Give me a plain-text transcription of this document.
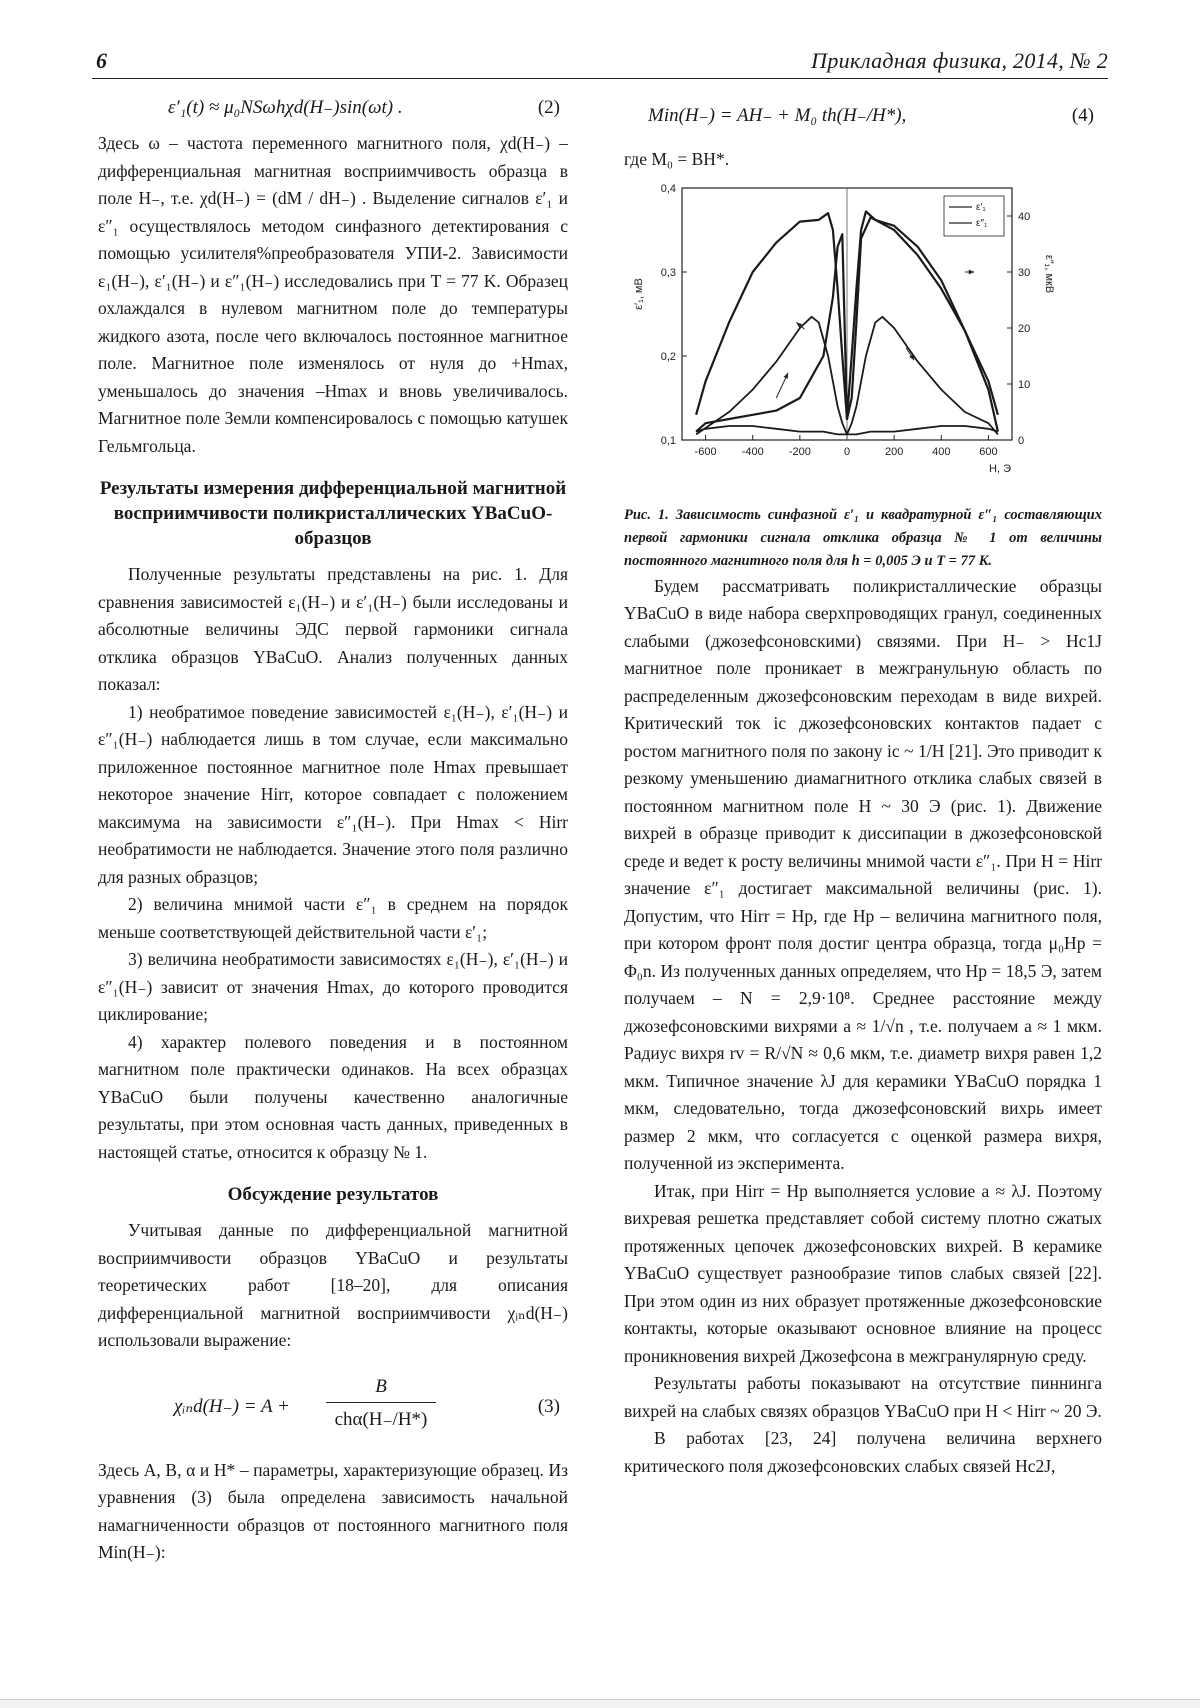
6	Прикладная физика, 2014, № 2
ε′₁(t) ≈ μ₀NSωhχd(H₋)sin(ωt) .	(2)

Здесь ω – частота переменного магнитного поля, χd(H₋) – дифференциальная магнитная восприимчивость образца в поле H₋, т.е. χd(H₋) = (dM / dH₋) . Выделение сигналов ε′₁ и ε″₁ осуществлялось методом синфазного детектирования с помощью усилителя%преобразователя УПИ-2. Зависимости ε₁(H₋), ε′₁(H₋) и ε″₁(H₋) исследовались при T = 77 K. Образец охлаждался в нулевом магнитном поле до температуры жидкого азота, после чего включалось постоянное магнитное поле. Магнитное поле изменялось от нуля до +Hmax, уменьшалось до значения –Hmax и вновь увеличивалось. Магнитное поле Земли компенсировалось с помощью катушек Гельмгольца.

Результаты измерения дифференциальной магнитной восприимчивости поликристаллических YBaCuO-образцов

Полученные результаты представлены на рис. 1. Для сравнения зависимостей ε₁(H₋) и ε′₁(H₋) были исследованы и абсолютные величины ЭДС первой гармоники сигнала отклика образцов YBaCuO. Анализ полученных данных показал:

1) необратимое поведение зависимостей ε₁(H₋), ε′₁(H₋) и ε″₁(H₋) наблюдается лишь в том случае, если максимально приложенное постоянное магнитное поле Hmax превышает некоторое значение Hirr, которое совпадает с положением максимума на зависимости ε″₁(H₋). При Hmax < Hirr необратимости не наблюдается. Значение этого поля различно для разных образцов;

2) величина мнимой части ε″₁ в среднем на порядок меньше соответствующей действительной части ε′₁;

3) величина необратимости зависимостях ε₁(H₋), ε′₁(H₋) и ε″₁(H₋) зависит от значения Hmax, до которого проводится циклирование;

4) характер полевого поведения и в постоянном магнитном поле практически одинаков. На всех образцах YBaCuO были получены качественно аналогичные результаты, при этом основная часть данных, приведенных в настоящей статье, относится к образцу № 1.

Обсуждение результатов

Учитывая данные по дифференциальной магнитной восприимчивости образцов YBaCuO и результаты теоретических работ [18–20], для описания дифференциальной магнитной восприимчивости χᵢₙd(H₋) использовали выражение:

χᵢₙd(H₋) = A +
B
chα(H₋/H*)
(3)

Здесь A, B, α и H* – параметры, характеризующие образец. Из уравнения (3) была определена зависимость начальной намагниченности образцов от постоянного магнитного поля Min(H₋):

Min(H₋) = AH₋ + M₀ th(H₋/H*),	(4)

где M₀ = BH*.

-600 -400 -200	0	200	400	600
0,1
0,2
0,3
0,4
0
10
20
30
40
H, Э
ε′₁, мВ
ε″₁, мкВ
ε′₁
ε″₁

Рис. 1. Зависимость синфазной ε′₁ и квадратурной ε″₁ составляющих первой гармоники сигнала отклика образца № 1 от величины постоянного магнитного поля для h = 0,005 Э и T = 77 K.

Будем рассматривать поликристаллические образцы YBaCuO в виде набора сверхпроводящих гранул, соединенных слабыми (джозефсоновскими) связями. При H₋ > Hc1J магнитное поле проникает в межгранульную область по распределенным джозефсоновским переходам в виде вихрей. Критический ток ic джозефсоновских контактов падает с ростом магнитного поля по закону ic ~ 1/H [21]. Это приводит к резкому уменьшению диамагнитного отклика слабых связей в постоянном магнитном поле H ~ 30 Э (рис. 1). Движение вихрей в образце приводит к диссипации в джозефсоновской среде и ведет к росту величины мнимой части ε″₁. При H = Hirr значение ε″₁ достигает максимальной величины (рис. 1). Допустим, что Hirr = Hp, где Hp – величина магнитного поля, при котором фронт поля достиг центра образца, тогда μ₀Hp = Φ₀n. Из полученных данных определяем, что Hp = 18,5 Э, затем получаем – N = 2,9·10⁸. Среднее расстояние между джозефсоновскими вихрями a ≈ 1/√n , т.е. получаем a ≈ 1 мкм. Радиус вихря rv = R/√N ≈ 0,6 мкм, т.е. диаметр вихря равен 1,2 мкм. Типичное значение λJ для керамики YBaCuO порядка 1 мкм, следовательно, тогда джозефсоновский вихрь имеет размер 2 мкм, что согласуется с оценкой размера вихря, полученной из эксперимента.

Итак, при Hirr = Hp выполняется условие a ≈ λJ. Поэтому вихревая решетка представляет собой систему плотно сжатых протяженных цепочек джозефсоновских вихрей. В керамике YBaCuO существует разнообразие типов слабых связей [22]. При этом один из них образует протяженные джозефсоновские контакты, которые оказывают основное влияние на процесс проникновения вихрей Джозефсона в межгранулярную среду.

Результаты работы показывают на отсутствие пиннинга вихрей на слабых связях образцов YBaCuO при H < Hirr ~ 20 Э.

В работах [23, 24] получена величина верхнего критического поля джозефсоновских слабых связей Hc2J,
